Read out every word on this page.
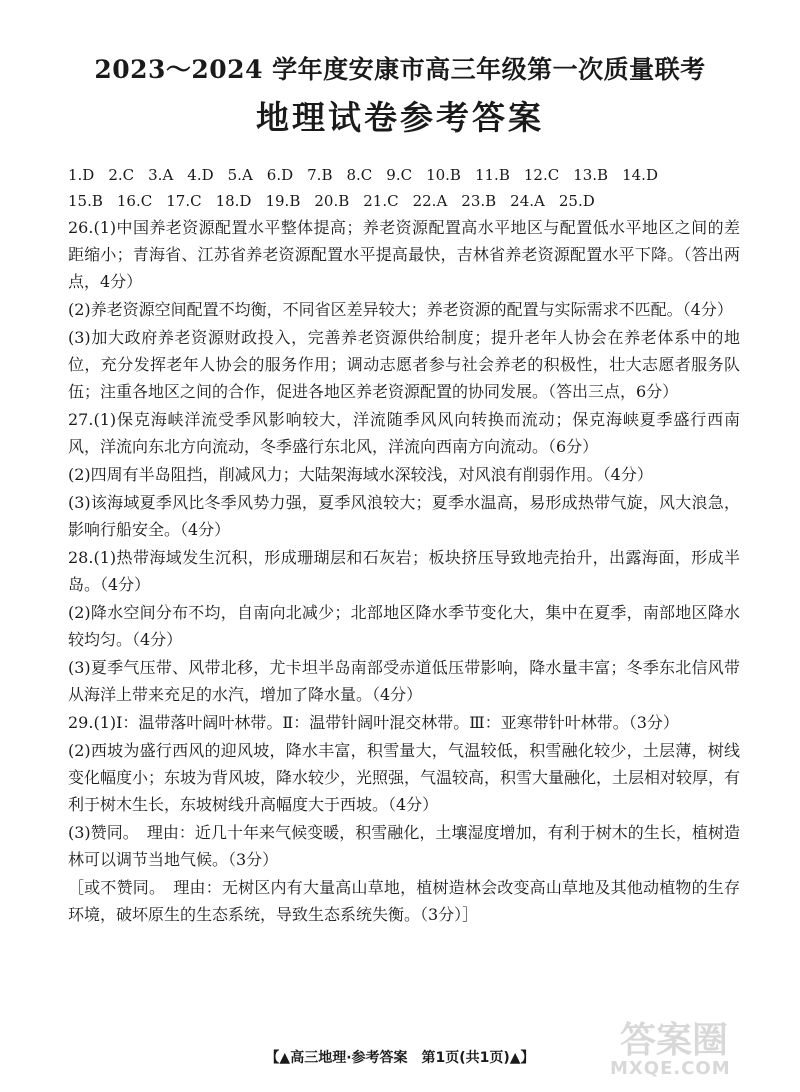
2023～2024 学年度安康市高三年级第一次质量联考
地理试卷参考答案
1.D 2.C 3.A 4.D 5.A 6.D 7.B 8.C 9.C 10.B 11.B 12.C 13.B 14.D
15.B 16.C 17.C 18.D 19.B 20.B 21.C 22.A 23.B 24.A 25.D

26.(1)中国养老资源配置水平整体提高；养老资源配置高水平地区与配置低水平地区之间的差距缩小；青海省、江苏省养老资源配置水平提高最快，吉林省养老资源配置水平下降。（答出两点，4分）

(2)养老资源空间配置不均衡，不同省区差异较大；养老资源的配置与实际需求不匹配。（4分）

(3)加大政府养老资源财政投入，完善养老资源供给制度；提升老年人协会在养老体系中的地位，充分发挥老年人协会的服务作用；调动志愿者参与社会养老的积极性，壮大志愿者服务队伍；注重各地区之间的合作，促进各地区养老资源配置的协同发展。（答出三点，6分）

27.(1)保克海峡洋流受季风影响较大，洋流随季风风向转换而流动；保克海峡夏季盛行西南风，洋流向东北方向流动，冬季盛行东北风，洋流向西南方向流动。（6分）

(2)四周有半岛阻挡，削减风力；大陆架海域水深较浅，对风浪有削弱作用。（4分）

(3)该海域夏季风比冬季风势力强，夏季风浪较大；夏季水温高，易形成热带气旋，风大浪急，影响行船安全。（4分）

28.(1)热带海域发生沉积，形成珊瑚层和石灰岩；板块挤压导致地壳抬升，出露海面，形成半岛。（4分）

(2)降水空间分布不均，自南向北减少；北部地区降水季节变化大，集中在夏季，南部地区降水较均匀。（4分）

(3)夏季气压带、风带北移，尤卡坦半岛南部受赤道低压带影响，降水量丰富；冬季东北信风带从海洋上带来充足的水汽，增加了降水量。（4分）

29.(1)Ⅰ：温带落叶阔叶林带。Ⅱ：温带针阔叶混交林带。Ⅲ：亚寒带针叶林带。（3分）

(2)西坡为盛行西风的迎风坡，降水丰富，积雪量大，气温较低，积雪融化较少，土层薄，树线变化幅度小；东坡为背风坡，降水较少，光照强，气温较高，积雪大量融化，土层相对较厚，有利于树木生长，东坡树线升高幅度大于西坡。（4分）

(3)赞同。　理由：近几十年来气候变暖，积雪融化，土壤湿度增加，有利于树木的生长，植树造林可以调节当地气候。（3分）

［或不赞同。　理由：无树区内有大量高山草地，植树造林会改变高山草地及其他动植物的生存环境，破坏原生的生态系统，导致生态系统失衡。（3分）］

【▲高三地理·参考答案　第1页(共1页)▲】	答案圈
MXQE.COM
